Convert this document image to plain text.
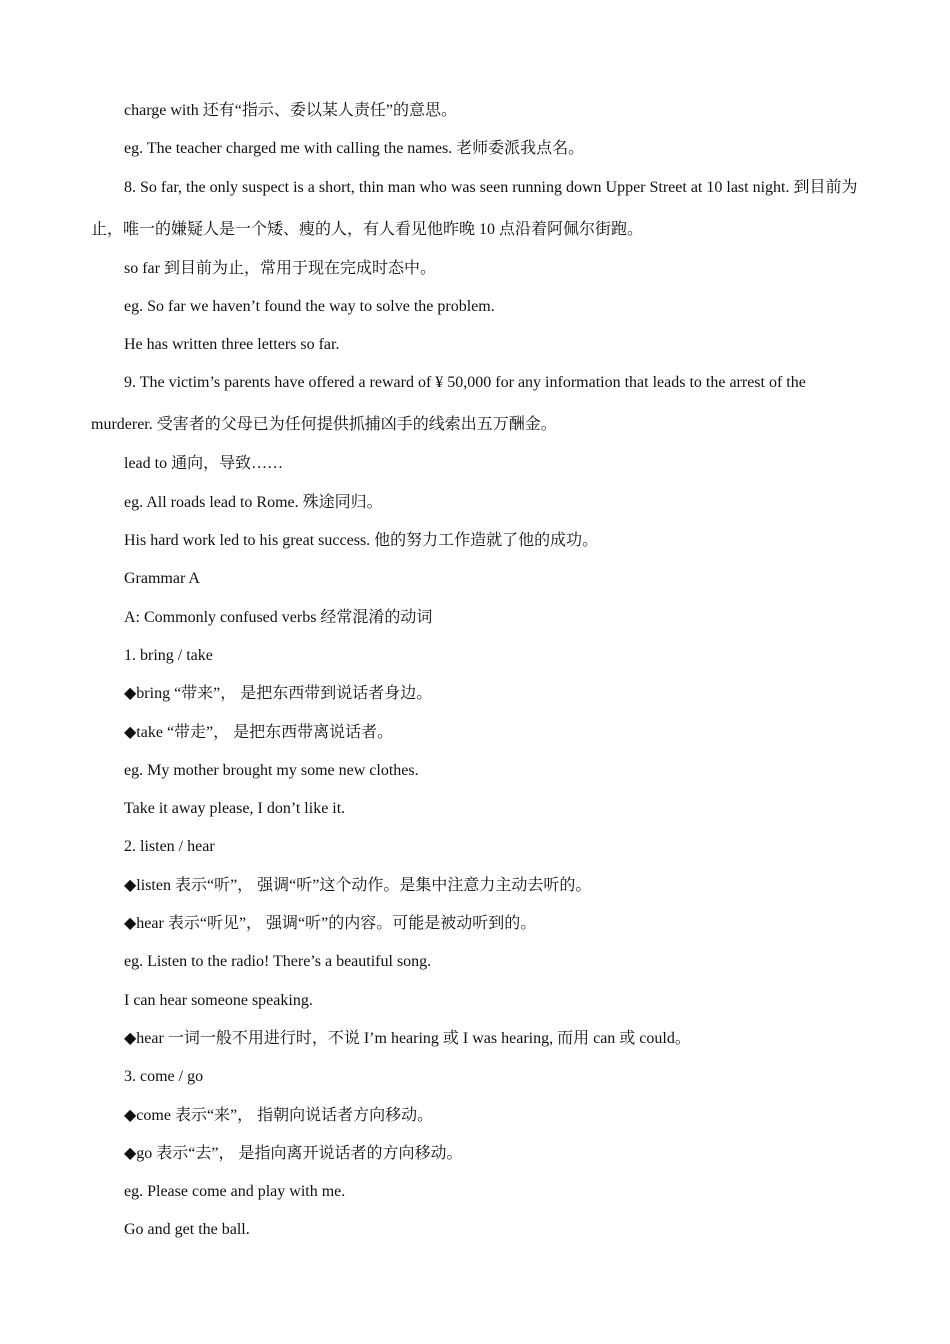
charge with 还有“指示、委以某人责任”的意思。

eg. The teacher charged me with calling the names. 老师委派我点名。

8. So far, the only suspect is a short, thin man who was seen running down Upper Street at 10 last night. 到目前为止，唯一的嫌疑人是一个矮、瘦的人，有人看见他昨晚 10 点沿着阿佩尔街跑。

so far 到目前为止，常用于现在完成时态中。

eg. So far we haven’t found the way to solve the problem.

He has written three letters so far.

9. The victim’s parents have offered a reward of ¥ 50,000 for any information that leads to the arrest of the murderer. 受害者的父母已为任何提供抓捕凶手的线索出五万酬金。

lead to 通向，导致……

eg. All roads lead to Rome. 殊途同归。

His hard work led to his great success. 他的努力工作造就了他的成功。

Grammar A

A: Commonly confused verbs 经常混淆的动词

1. bring / take

◆bring “带来”， 是把东西带到说话者身边。

◆take “带走”， 是把东西带离说话者。

eg. My mother brought my some new clothes.

Take it away please, I don’t like it.

2. listen / hear

◆listen 表示“听”， 强调“听”这个动作。是集中注意力主动去听的。

◆hear 表示“听见”， 强调“听”的内容。可能是被动听到的。

eg. Listen to the radio! There’s a beautiful song.

I can hear someone speaking.

◆hear 一词一般不用进行时，不说 I’m hearing 或 I was hearing, 而用 can 或 could。

3. come / go

◆come 表示“来”， 指朝向说话者方向移动。

◆go 表示“去”， 是指向离开说话者的方向移动。

eg. Please come and play with me.

Go and get the ball.
